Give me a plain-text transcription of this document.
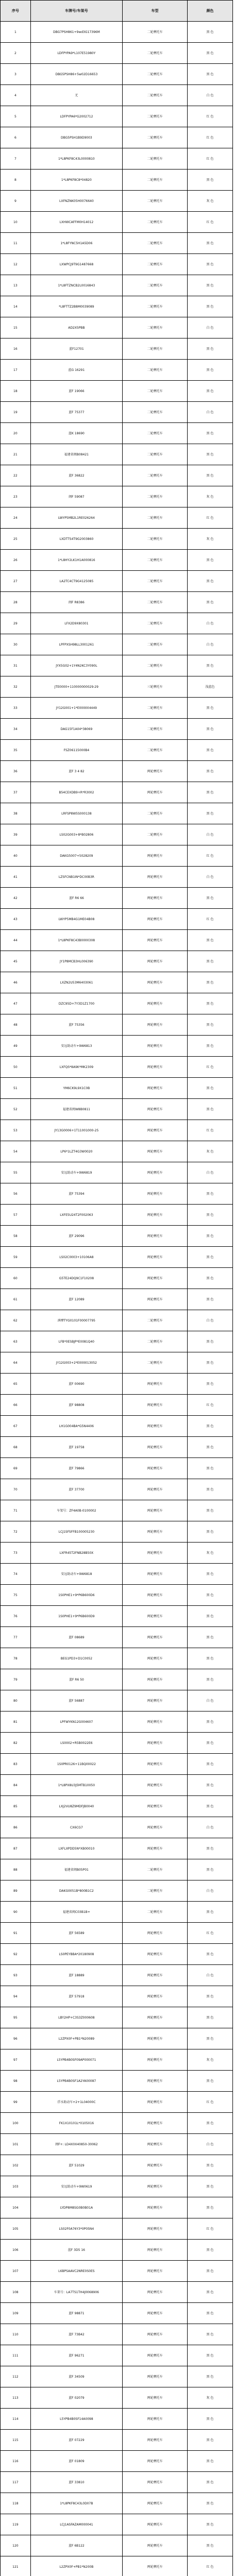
序号	车牌号/车架号	车型	颜色
1	DBG7PSH861+9wd3G17396M	二轮摩托车	黑 色
2	LDFPYPA9*L107E51980Y	二轮摩托车	黑 色
3	DBG5PSH86+5w02D16653	二轮摩托车	黑 色
4	无	二轮摩托车	白 色
5	LDFPYPA6*G2002712	二轮摩托车	红 色
6	DBG5PSH1B9D9003	二轮摩托车	红 色
7	1*L8PKF8C43L0000810	二轮摩托车	红 色
8	1*L8PKF8C8*04820	二轮摩托车	黑 色
9	LXFNZNK05H0076640	二轮摩托车	灰 色
10	LXHWCAFFM0H14012	二轮摩托车	红 色
11	1*L8FYNC5H1A5D06	二轮摩托车	黑 色
12	LXWPCJ9T9G1487668	二轮摩托车	黑 色
13	1*L8FTZNCB2L0016843	二轮摩托车	黑 色
14	*L8FTTZ2B8M0039089	二轮摩托车	黑 色
15	AD2X5PBB	二轮摩托车	白 色
16	蓝F12701	二轮摩托车	黑 色
17	蓝G 16291	二轮摩托车	黑 色
18	蓝F 19066	二轮摩托车	黑 色
19	蓝F 75377	二轮摩托车	白 色
20	蓝K 18690	二轮摩托车	黑 色
21	福建省闽B08421	二轮摩托车	黑 色
22	蓝F 36822	二轮摩托车	黑 色
23	闽F 59087	二轮摩托车	灰 色
24	LWYP5MB2L1RE026264	二轮摩托车	红 色
25	LXDTTS4T9G2003860	二轮摩托车	灰 色
26	1*L8HY2LK1H1A000816	二轮摩托车	黑 色
27	LA2TC4CT9G4125085	二轮摩托车	黑 色
28	闽F R8386	二轮摩托车	黑 色
29	LFX2D9X80301	二轮摩托车	白 色
30	LPFPXSH98LL3001261	二轮摩托车	白 色
31	JYX5G02+1Y4N2KC3Y090L	二轮摩托车	黑 色
32	JTE0000+110000000029-29	三轮摩托车	浅蓝色
33	JY12G001+1*E000004449	二轮摩托车	黑 色
34	DAG15F1A04*38069	二轮摩托车	黑 色
35	FSZ06115000B4	二轮摩托车	黑 色
36	蓝F 3 4 82	两轮摩托车	黑 色
37	B54CEXDB9+R*R3002	两轮摩托车	黑 色
38	LRFSP8W5S000138	二轮摩托车	黑 色
39	LS02G003+8*B02806	二轮摩托车	白 色
40	DAKG5007+5028209	两轮摩托车	红 色
41	LZSFCNB1IN*DC00B3R	两轮摩托车	白 色
42	蓝F R6 66	两轮摩托车	黑 色
43	LWYP5MB4G1ME04B08	两轮摩托车	红 色
44	1*L8PKF8C43B0000308	两轮摩托车	黑 色
45	JY1P8MCB3HL006390	两轮摩托车	黑 色
46	LXZN2U53M6403061	两轮摩托车	黑 色
47	DZC95D+7Y3D1Z1700	两轮摩托车	黑 色
48	蓝F 75356	两轮摩托车	黑 色
49	安远助动车+9W6813	两轮摩托车	黑 色
50	LXFQS*8A9K*MK2309	两轮摩托车	红 色
51	YM6CK9L9X1C0B	两轮摩托车	黑 色
52	福建省闽W8B0811	两轮摩托车	黑 色
53	JY13G0006+1T11001000-25	两轮摩托车	红 色
54	LP6*1LZT4G3W0020	两轮摩托车	灰 色
55	安远助动车+9W6819	两轮摩托车	白 色
56	蓝F 75394	两轮摩托车	黑 色
57	LXFE5U24T2F002063	两轮摩托车	黑 色
58	蓝F 29096	两轮摩托车	黑 色
59	LS02C0003+10106A8	两轮摩托车	黑 色
60	G5TE24DQ9C1F10208	两轮摩托车	黑 色
61	蓝F 12089	两轮摩托车	黑 色
62	洲摩TYG0101F00007795	二轮摩托车	白 色
63	LFB*0ESBJP*E0081Q40	二轮摩托车	黑 色
64	JY12G003+2*E000013052	二轮摩托车	黑 色
65	蓝F 00690	两轮摩托车	黑 色
66	蓝F 98808	两轮摩托车	红 色
67	LH1G004BA*G5N4406	两轮摩托车	黑 色
68	蓝F 19758	两轮摩托车	黑 色
69	蓝F 79866	两轮摩托车	黑 色
70	蓝F 37700	两轮摩托车	黑 色
71	车架号：ZF4A0B-0100002	两轮摩托车	黑 色
72	LCJ1SFSFFB100005230	两轮摩托车	黑 色
73	LXFR45T2FNB28B50X	两轮摩托车	灰 色
74	安远助动车+9W6818	两轮摩托车	黑 色
75	1S0PHE1+9*P6B600D6	两轮摩托车	黑 色
76	1S0PHE1+9*P6B600D9	两轮摩托车	黑 色
77	蓝F 08689	两轮摩托车	黑 色
78	BEG1PD3+D1C0052	两轮摩托车	黑 色
79	蓝F R6 50	两轮摩托车	黑 色
80	蓝F 56887	两轮摩托车	白 色
81	LPFWYKN12G004607	两轮摩托车	黑 色
82	LS0002+R5B0022E6	两轮摩托车	黑 色
83	1S0PR0126+11BQ00022	两轮摩托车	黑 色
84	1*L8PX8U3J5MTB10050	两轮摩托车	黑 色
85	LXJ2VU8Z9MDFJB0040	两轮摩托车	黑 色
86	CX6CG7	两轮摩托车	白 色
87	LXFLXPDD5N*XB00010	两轮摩托车	黑 色
88	福建省闽B05P01	二轮摩托车	黑 色
89	DAKG0051B*800B1C2	二轮摩托车	白 色
90	福建省闽C03B1B+	二轮摩托车	黑 色
91	蓝F 56589	两轮摩托车	红 色
92	LS0PEYBBA*20180908	两轮摩托车	黑 色
93	蓝F 18889	两轮摩托车	白 色
94	蓝F 57918	两轮摩托车	黑 色
95	LBY2HP+C3S3Z000608	两轮摩托车	黑 色
96	L2ZPX0F+PB1*N20089	两轮摩托车	黑 色
97	L5YPB4B0SF09AP000071	两轮摩托车	灰 色
98	L5YPB4B0SF1A2YA00087	两轮摩托车	黑 色
99	浮水助动车+2+1L04000C	两轮摩托车	红 色
100	FK1X10101L*0105016	两轮摩托车	黑 色
101	闽F+: LD4X0X40850-30062	两轮摩托车	白 色
102	蓝F 51029	两轮摩托车	黑 色
103	安远助动车+9W0619	两轮摩托车	黑 色
104	LYDP8M8SG0B0B01A	两轮摩托车	黑 色
105	LS02F0A76Y3*0P05N4	两轮摩托车	红 色
106	蓝F 3D5 16	两轮摩托车	黑 色
107	L6BPSAAVC2NRE0S0ES	两轮摩托车	黑 色
108	车架号：LA7TS1TH4J0068906	两轮摩托车	黑 色
109	蓝F 98871	两轮摩托车	黑 色
110	蓝F 73B42	两轮摩托车	黑 色
111	蓝F 96271	两轮摩托车	黑 色
112	蓝F 34509	两轮摩托车	黑 色
113	蓝F 02079	两轮摩托车	灰 色
114	L5YPB4B0SF14A0098	两轮摩托车	黑 色
115	蓝F 07229	两轮摩托车	黑 色
116	蓝F 01809	两轮摩托车	黑 色
117	蓝F 33810	两轮摩托车	黑 色
118	1*L8PKF8C43L0D07B	两轮摩托车	黑 色
119	LCJ1ASFAZAM000041	两轮摩托车	黑 色
120	蓝F 6B122	两轮摩托车	黑 色
121	L2ZPX0F+PB1*N200B	两轮摩托车	红 色
